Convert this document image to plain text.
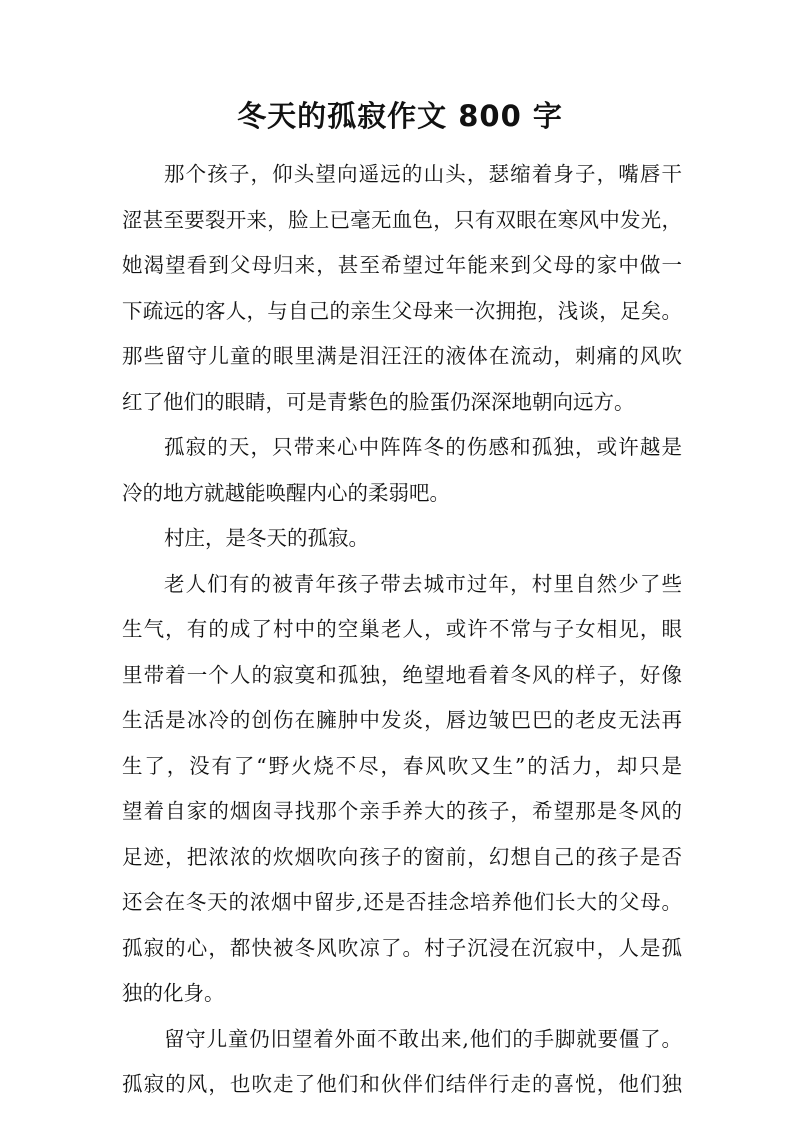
冬天的孤寂作文 800 字
那个孩子，仰头望向遥远的山头，瑟缩着身子，嘴唇干
涩甚至要裂开来，脸上已毫无血色，只有双眼在寒风中发光，
她渴望看到父母归来，甚至希望过年能来到父母的家中做一
下疏远的客人，与自己的亲生父母来一次拥抱，浅谈，足矣。
那些留守儿童的眼里满是泪汪汪的液体在流动，刺痛的风吹
红了他们的眼睛，可是青紫色的脸蛋仍深深地朝向远方。
孤寂的天，只带来心中阵阵冬的伤感和孤独，或许越是
冷的地方就越能唤醒内心的柔弱吧。
村庄，是冬天的孤寂。
老人们有的被青年孩子带去城市过年，村里自然少了些
生气，有的成了村中的空巢老人，或许不常与子女相见，眼
里带着一个人的寂寞和孤独，绝望地看着冬风的样子，好像
生活是冰冷的创伤在臃肿中发炎，唇边皱巴巴的老皮无法再
生了，没有了“野火烧不尽，春风吹又生”的活力，却只是
望着自家的烟囱寻找那个亲手养大的孩子，希望那是冬风的
足迹，把浓浓的炊烟吹向孩子的窗前，幻想自己的孩子是否
还会在冬天的浓烟中留步,还是否挂念培养他们长大的父母。
孤寂的心，都快被冬风吹凉了。村子沉浸在沉寂中，人是孤
独的化身。
留守儿童仍旧望着外面不敢出来,他们的手脚就要僵了。
孤寂的风，也吹走了他们和伙伴们结伴行走的喜悦，他们独
